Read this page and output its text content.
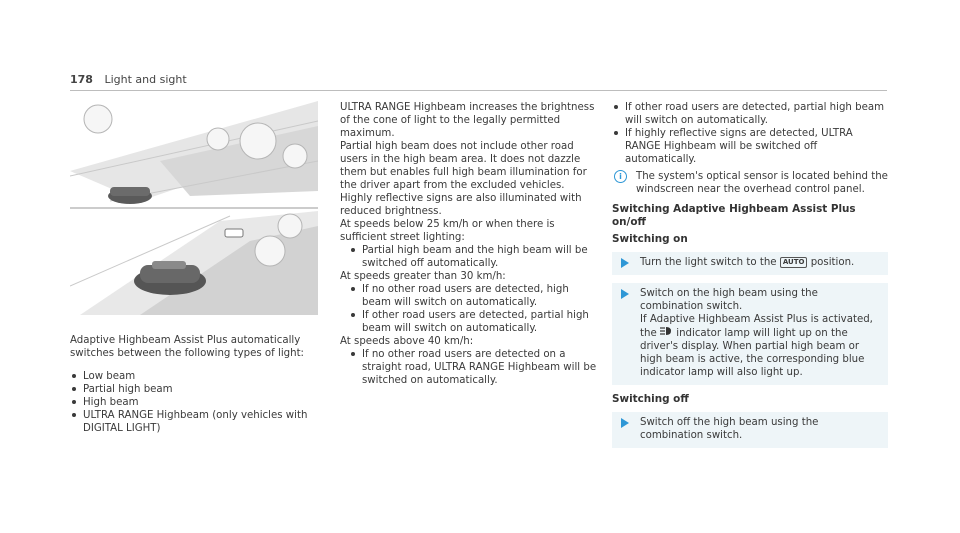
178 Light and sight

Adaptive Highbeam Assist Plus automatically switches between the following types of light:

Low beam
Partial high beam
High beam
ULTRA RANGE Highbeam (only vehicles with DIGITAL LIGHT)

ULTRA RANGE Highbeam increases the brightness of the cone of light to the legally permitted maximum.

Partial high beam does not include other road users in the high beam area. It does not dazzle them but enables full high beam illumination for the driver apart from the excluded vehicles. Highly reflective signs are also illuminated with reduced brightness.

At speeds below 25 km/h or when there is sufficient street lighting:

Partial high beam and the high beam will be switched off automatically.

At speeds greater than 30 km/h:

If no other road users are detected, high beam will switch on automatically.
If other road users are detected, partial high beam will switch on automatically.

At speeds above 40 km/h:

If no other road users are detected on a straight road, ULTRA RANGE Highbeam will be switched on automatically.
If other road users are detected, partial high beam will switch on automatically.
If highly reflective signs are detected, ULTRA RANGE Highbeam will be switched off automatically.
i	The system's optical sensor is located behind the windscreen near the overhead control panel.
Switching Adaptive Highbeam Assist Plus on/off
Switching on
Turn the light switch to the AUTO position.
Switch on the high beam using the combination switch.
If Adaptive Highbeam Assist Plus is activated, the indicator lamp will light up on the driver's display. When partial high beam or high beam is active, the corresponding blue indicator lamp will also light up.
Switching off
Switch off the high beam using the combination switch.
